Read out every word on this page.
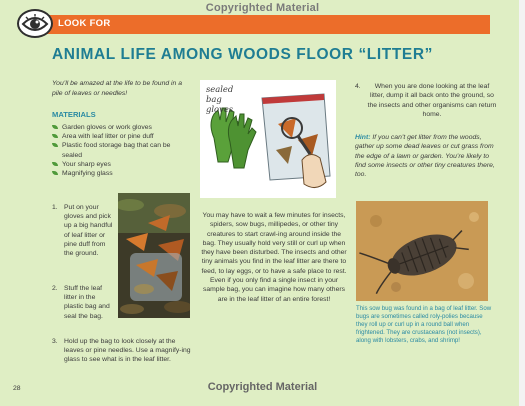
Copyrighted Material
LOOK FOR
ANIMAL LIFE AMONG WOODS FLOOR “LITTER”
You’ll be amazed at the life to be found in a pile of leaves or needles!
MATERIALS
Garden gloves or work gloves
Area with leaf litter or pine duff
Plastic food storage bag that can be sealed
Your sharp eyes
Magnifying glass
1. Put on your gloves and pick up a big handful of leaf litter or pine duff from the ground.
2. Stuff the leaf litter in the plastic bag and seal the bag.
3. Hold up the bag to look closely at the leaves or pine needles. Use a magnify-ing glass to see what is in the leaf litter.
sealed bag gloves
You may have to wait a few minutes for insects, spiders, sow bugs, millipedes, or other tiny creatures to start crawl-ing around inside the bag. They usually hold very still or curl up when they have been disturbed. The insects and other tiny animals you find in the leaf litter are there to feed, to lay eggs, or to have a safe place to rest. Even if you only find a single insect in your sample bag, you can imagine how many others are in the leaf litter of an entire forest!
4.	When you are done looking at the leaf litter, dump it all back onto the ground, so the insects and other organisms can return home.
Hint: If you can’t get litter from the woods, gather up some dead leaves or cut grass from the edge of a lawn or garden. You’re likely to find some insects or other tiny creatures there, too.
This sow bug was found in a bag of leaf litter. Sow bugs are sometimes called roly-polies because they roll up or curl up in a round ball when frightened. They are crustaceans (not insects), along with lobsters, crabs, and shrimp!
Copyrighted Material
28
